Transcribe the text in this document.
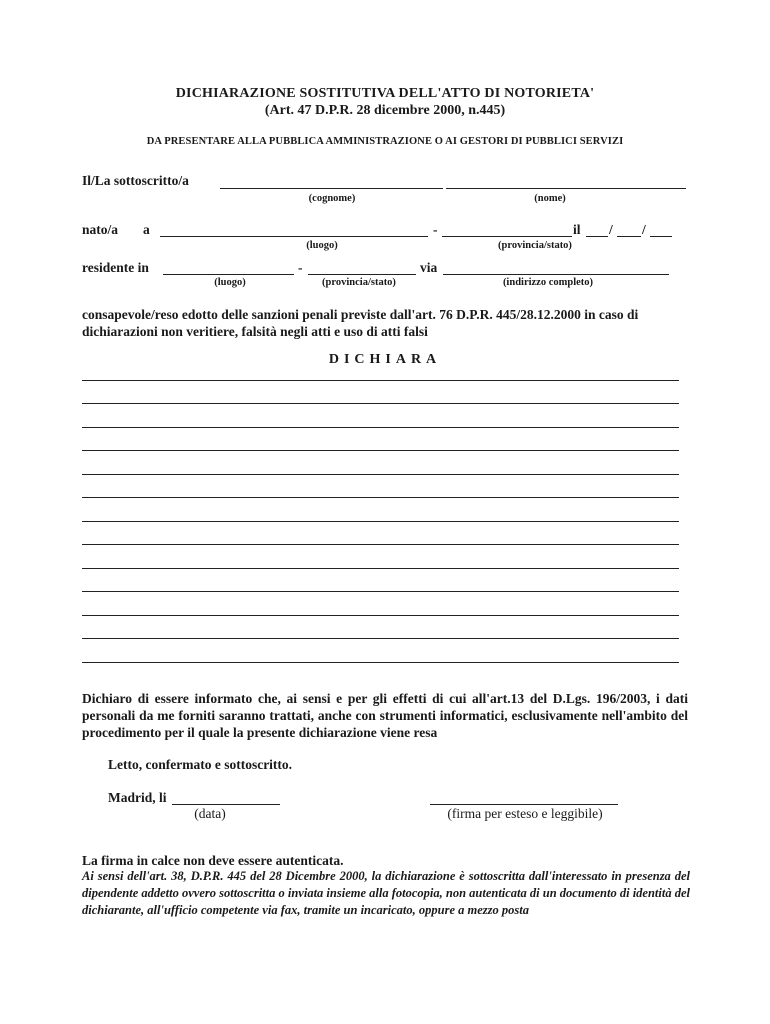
DICHIARAZIONE SOSTITUTIVA DELL'ATTO DI NOTORIETA'
(Art. 47 D.P.R. 28 dicembre 2000, n.445)
DA PRESENTARE ALLA PUBBLICA AMMINISTRAZIONE O AI GESTORI DI PUBBLICI SERVIZI
Il/La sottoscritto/a
(cognome)	(nome)
nato/a a	-	il / /
(luogo)	(provincia/stato)
residente in	-	via
(luogo)	(provincia/stato)	(indirizzo completo)
consapevole/reso edotto delle sanzioni penali previste dall'art. 76 D.P.R. 445/28.12.2000 in caso di dichiarazioni non veritiere, falsità negli atti e uso di atti falsi
DICHIARA
Dichiaro di essere informato che, ai sensi e per gli effetti di cui all'art.13 del D.Lgs. 196/2003, i dati personali da me forniti saranno trattati, anche con strumenti informatici, esclusivamente nell'ambito del procedimento per il quale la presente dichiarazione viene resa
Letto, confermato e sottoscritto.
Madrid, li
(data)	(firma per esteso e leggibile)
La firma in calce non deve essere autenticata.
Ai sensi dell'art. 38, D.P.R. 445 del 28 Dicembre 2000, la dichiarazione è sottoscritta dall'interessato in presenza del dipendente addetto ovvero sottoscritta o inviata insieme alla fotocopia, non autenticata di un documento di identità del dichiarante, all'ufficio competente via fax, tramite un incaricato, oppure a mezzo posta
